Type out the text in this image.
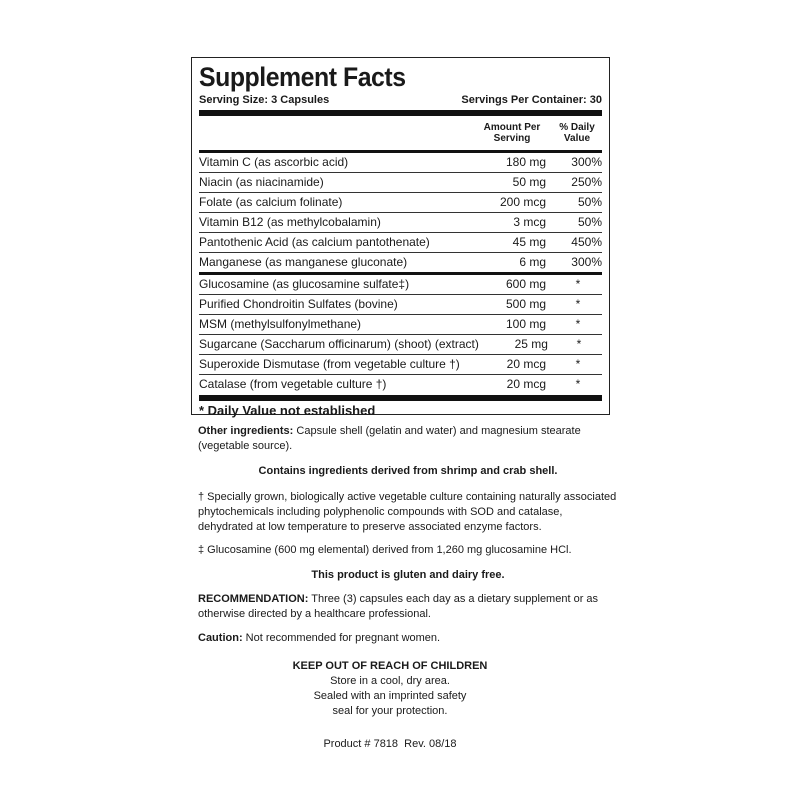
Supplement Facts
Serving Size: 3 Capsules	Servings Per Container: 30
Amount Per
Serving
% Daily
Value
Vitamin C (as ascorbic acid)	180 mg	300%
Niacin (as niacinamide)	50 mg	250%
Folate (as calcium folinate)	200 mcg	50%
Vitamin B12 (as methylcobalamin)	3 mcg	50%
Pantothenic Acid (as calcium pantothenate)	45 mg	450%
Manganese (as manganese gluconate)	6 mg	300%
Glucosamine (as glucosamine sulfate‡)	600 mg	*
Purified Chondroitin Sulfates (bovine)	500 mg	*
MSM (methylsulfonylmethane)	100 mg	*
Sugarcane (Saccharum officinarum) (shoot) (extract)	25 mg	*
Superoxide Dismutase (from vegetable culture †)	20 mcg	*
Catalase (from vegetable culture †)	20 mcg	*
* Daily Value not established
Other ingredients: Capsule shell (gelatin and water) and magnesium stearate (vegetable source).
Contains ingredients derived from shrimp and crab shell.
† Specially grown, biologically active vegetable culture containing naturally associated phytochemicals including polyphenolic compounds with SOD and catalase, dehydrated at low temperature to preserve associated enzyme factors.
‡ Glucosamine (600 mg elemental) derived from 1,260 mg glucosamine HCl.
This product is gluten and dairy free.
RECOMMENDATION: Three (3) capsules each day as a dietary supplement or as otherwise directed by a healthcare professional.
Caution: Not recommended for pregnant women.
KEEP OUT OF REACH OF CHILDREN
Store in a cool, dry area.
Sealed with an imprinted safety
seal for your protection.
Product # 7818  Rev. 08/18
